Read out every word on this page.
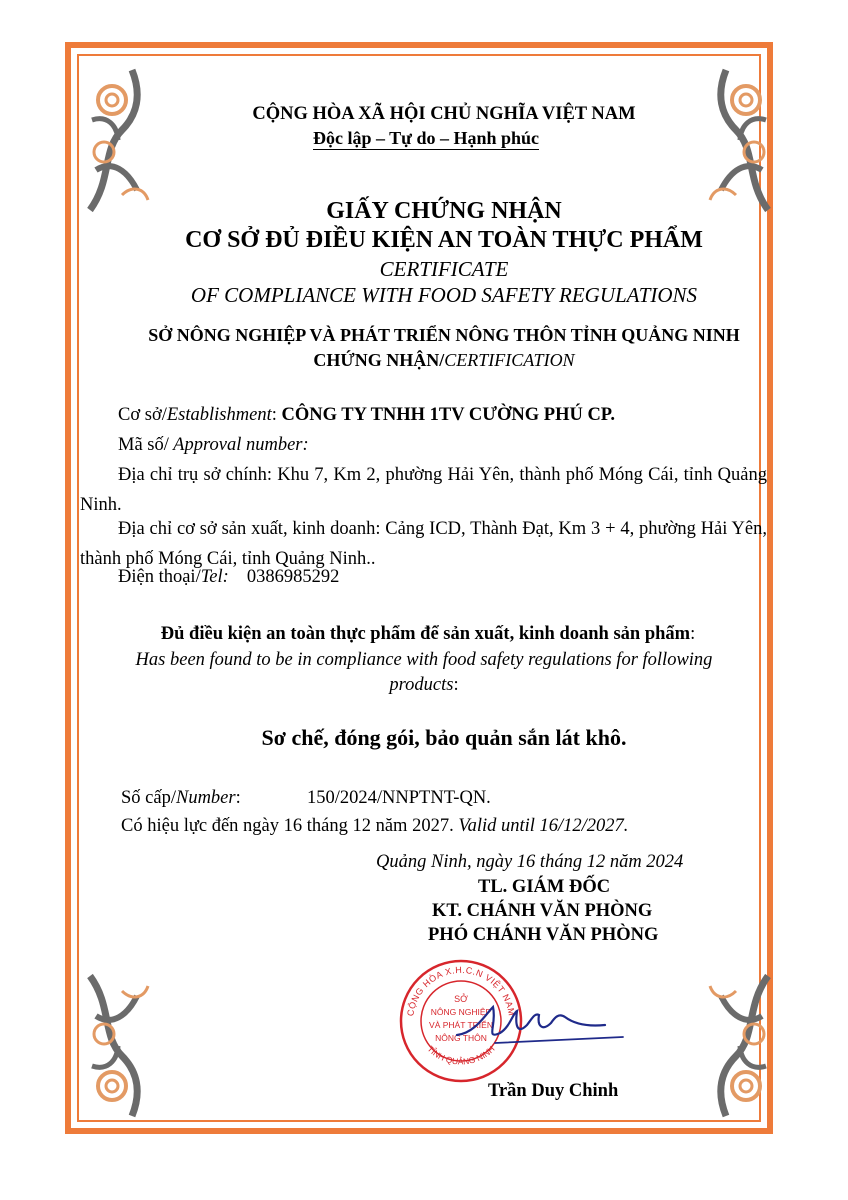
CỘNG HÒA XÃ HỘI CHỦ NGHĨA VIỆT NAM
Độc lập – Tự do – Hạnh phúc
GIẤY CHỨNG NHẬN
CƠ SỞ ĐỦ ĐIỀU KIỆN AN TOÀN THỰC PHẨM
CERTIFICATE
OF COMPLIANCE WITH FOOD SAFETY REGULATIONS
SỞ NÔNG NGHIỆP VÀ PHÁT TRIỂN NÔNG THÔN TỈNH QUẢNG NINH
CHỨNG NHẬN/CERTIFICATION
Cơ sở/Establishment: CÔNG TY TNHH 1TV CƯỜNG PHÚ CP.
Mã số/ Approval number:
Địa chỉ trụ sở chính: Khu 7, Km 2, phường Hải Yên, thành phố Móng Cái, tỉnh Quảng Ninh.
Địa chỉ cơ sở sản xuất, kinh doanh: Cảng ICD, Thành Đạt, Km 3 + 4, phường Hải Yên, thành phố Móng Cái, tỉnh Quảng Ninh..
Điện thoại/Tel: 0386985292
Đủ điều kiện an toàn thực phẩm để sản xuất, kinh doanh sản phẩm:
Has been found to be in compliance with food safety regulations for following
products:
Sơ chế, đóng gói, bảo quản sắn lát khô.
Số cấp/Number:	150/2024/NNPTNT-QN.
Có hiệu lực đến ngày 16 tháng 12 năm 2027. Valid until 16/12/2027.
Quảng Ninh, ngày 16 tháng 12 năm 2024
TL. GIÁM ĐỐC
KT. CHÁNH VĂN PHÒNG
PHÓ CHÁNH VĂN PHÒNG
CỘNG HÒA X.H.C.N VIỆT NAM
TỈNH QUẢNG NINH
SỞ
NÔNG NGHIỆP
VÀ PHÁT TRIỂN
NÔNG THÔN
Trần Duy Chinh
